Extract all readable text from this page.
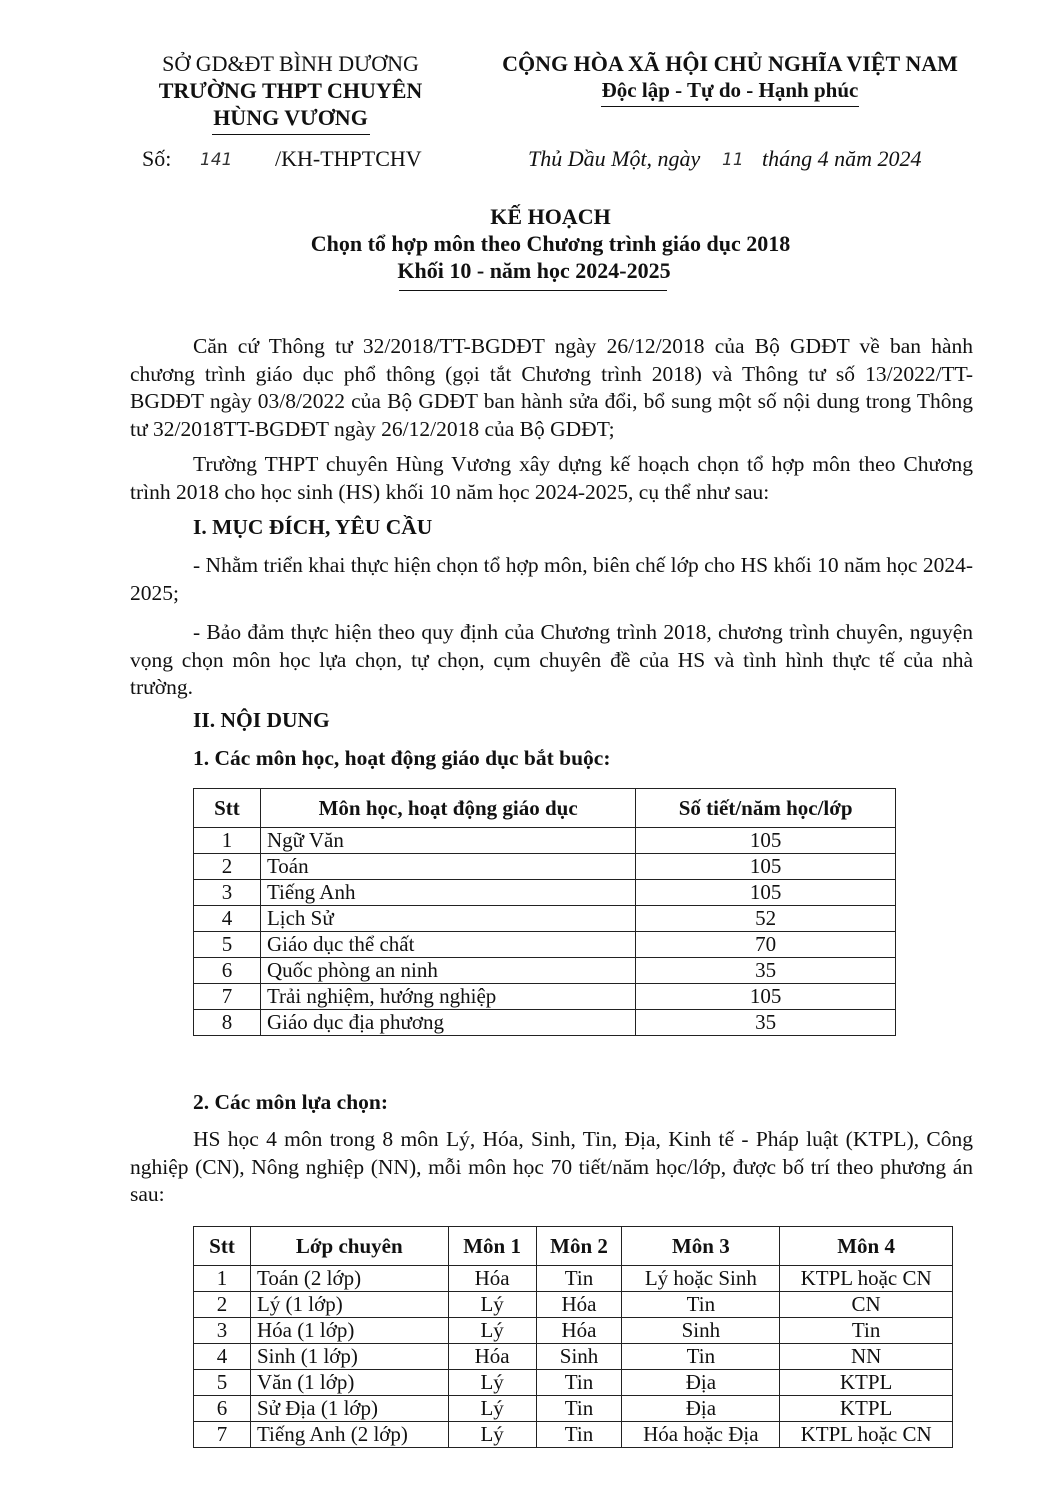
SỞ GD&ĐT BÌNH DƯƠNG
TRƯỜNG THPT CHUYÊN
HÙNG VƯƠNG
CỘNG HÒA XÃ HỘI CHỦ NGHĨA VIỆT NAM
Độc lập - Tự do - Hạnh phúc
Số: 141 /KH-THPTCHV	Thủ Dầu Một, ngày 11 tháng 4 năm 2024
KẾ HOẠCH
Chọn tổ hợp môn theo Chương trình giáo dục 2018
Khối 10 - năm học 2024-2025
Căn cứ Thông tư 32/2018/TT-BGDĐT ngày 26/12/2018 của Bộ GDĐT về ban hành chương trình giáo dục phổ thông (gọi tắt Chương trình 2018) và Thông tư số 13/2022/TT-BGDĐT ngày 03/8/2022 của Bộ GDĐT ban hành sửa đổi, bổ sung một số nội dung trong Thông tư 32/2018TT-BGDĐT ngày 26/12/2018 của Bộ GDĐT;
Trường THPT chuyên Hùng Vương xây dựng kế hoạch chọn tổ hợp môn theo Chương trình 2018 cho học sinh (HS) khối 10 năm học 2024-2025, cụ thể như sau:
I. MỤC ĐÍCH, YÊU CẦU
- Nhằm triển khai thực hiện chọn tổ hợp môn, biên chế lớp cho HS khối 10 năm học 2024-2025;
- Bảo đảm thực hiện theo quy định của Chương trình 2018, chương trình chuyên, nguyện vọng chọn môn học lựa chọn, tự chọn, cụm chuyên đề của HS và tình hình thực tế của nhà trường.
II. NỘI DUNG
1. Các môn học, hoạt động giáo dục bắt buộc:
Stt	Môn học, hoạt động giáo dục	Số tiết/năm học/lớp
1	Ngữ Văn	105
2	Toán	105
3	Tiếng Anh	105
4	Lịch Sử	52
5	Giáo dục thể chất	70
6	Quốc phòng an ninh	35
7	Trải nghiệm, hướng nghiệp	105
8	Giáo dục địa phương	35
2. Các môn lựa chọn:
HS học 4 môn trong 8 môn Lý, Hóa, Sinh, Tin, Địa, Kinh tế - Pháp luật (KTPL), Công nghiệp (CN), Nông nghiệp (NN), mỗi môn học 70 tiết/năm học/lớp, được bố trí theo phương án sau:
Stt	Lớp chuyên	Môn 1	Môn 2	Môn 3	Môn 4
1	Toán (2 lớp)	Hóa	Tin	Lý hoặc Sinh	KTPL hoặc CN
2	Lý (1 lớp)	Lý	Hóa	Tin	CN
3	Hóa (1 lớp)	Lý	Hóa	Sinh	Tin
4	Sinh (1 lớp)	Hóa	Sinh	Tin	NN
5	Văn (1 lớp)	Lý	Tin	Địa	KTPL
6	Sử Địa (1 lớp)	Lý	Tin	Địa	KTPL
7	Tiếng Anh (2 lớp)	Lý	Tin	Hóa hoặc Địa	KTPL hoặc CN
